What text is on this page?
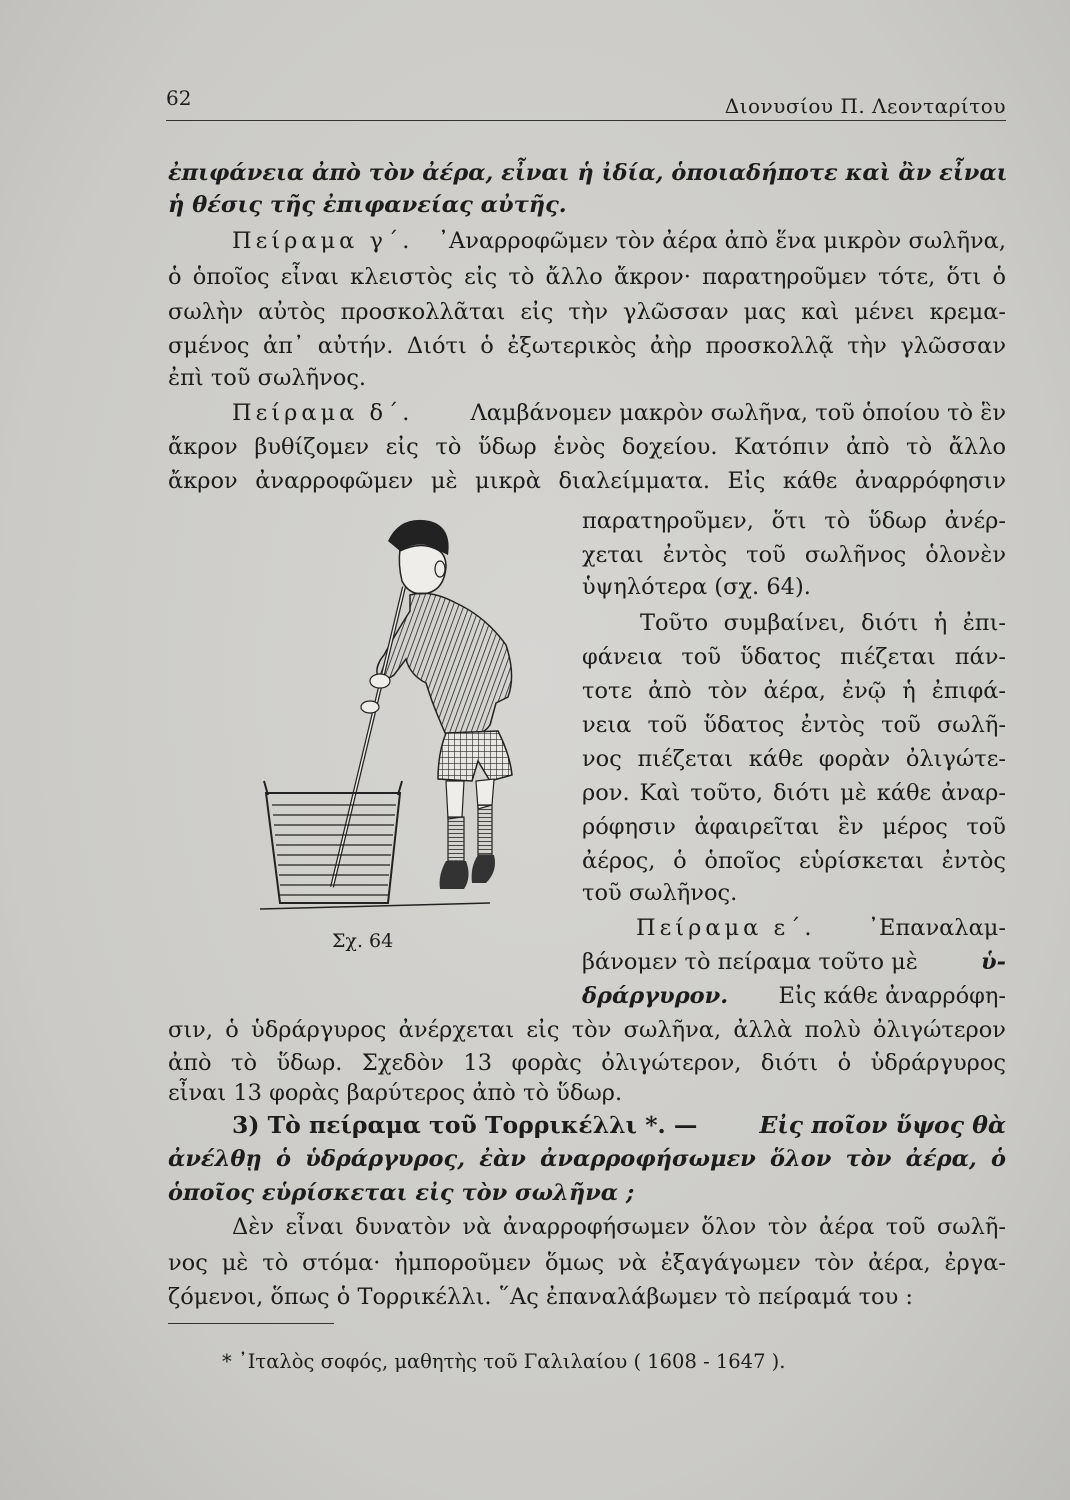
62	Διονυσίου Π. Λεονταρίτου
ἐπιφάνεια ἀπὸ τὸν ἀέρα, εἶναι ἡ ἰδία, ὁποιαδήποτε καὶ ἂν εἶναι
ἡ θέσις τῆς ἐπιφανείας αὐτῆς.
Πείραμα γ΄. ᾿Αναρροφῶμεν τὸν ἀέρα ἀπὸ ἕνα μικρὸν σωλῆνα,
ὁ ὁποῖος εἶναι κλειστὸς εἰς τὸ ἄλλο ἄκρον· παρατηροῦμεν τότε, ὅτι ὁ
σωλὴν αὐτὸς προσκολλᾶται εἰς τὴν γλῶσσαν μας καὶ μένει κρεμα-
σμένος ἀπ᾿ αὐτήν. Διότι ὁ ἐξωτερικὸς ἀὴρ προσκολλᾷ τὴν γλῶσσαν
ἐπὶ τοῦ σωλῆνος.
Πείραμα δ΄.	Λαμβάνομεν μακρὸν σωλῆνα, τοῦ ὁποίου τὸ ἓν
ἄκρον βυθίζομεν εἰς τὸ ὕδωρ ἑνὸς δοχείου. Κατόπιν ἀπὸ τὸ ἄλλο
ἄκρον ἀναρροφῶμεν μὲ μικρὰ διαλείμματα. Εἰς κάθε ἀναρρόφησιν
παρατηροῦμεν, ὅτι τὸ ὕδωρ ἀνέρ-
χεται ἐντὸς τοῦ σωλῆνος ὁλονὲν
ὑψηλότερα (σχ. 64).
Τοῦτο συμβαίνει, διότι ἡ ἐπι-
φάνεια τοῦ ὕδατος πιέζεται πάν-
τοτε ἀπὸ τὸν ἀέρα, ἐνῷ ἡ ἐπιφά-
νεια τοῦ ὕδατος ἐντὸς τοῦ σωλῆ-
νος πιέζεται κάθε φορὰν ὀλιγώτε-
ρον. Καὶ τοῦτο, διότι μὲ κάθε ἀναρ-
ρόφησιν ἀφαιρεῖται ἓν μέρος τοῦ
ἀέρος, ὁ ὁποῖος εὑρίσκεται ἐντὸς
τοῦ σωλῆνος.
Πείραμα ε΄. ᾿Επαναλαμ-
βάνομεν τὸ πείραμα τοῦτο μὲ	ὑ-
δράργυρον. Εἰς κάθε ἀναρρόφη-
σιν, ὁ ὑδράργυρος ἀνέρχεται εἰς τὸν σωλῆνα, ἀλλὰ πολὺ ὀλιγώτερον
ἀπὸ τὸ ὕδωρ. Σχεδὸν 13 φορὰς ὀλιγώτερον, διότι ὁ ὑδράργυρος
εἶναι 13 φορὰς βαρύτερος ἀπὸ τὸ ὕδωρ.
3) Τὸ πείραμα τοῦ Τορρικέλλι *. —	Εἰς ποῖον ὕψος θὰ
ἀνέλθῃ ὁ ὑδράργυρος, ἐὰν ἀναρροφήσωμεν ὅλον τὸν ἀέρα, ὁ
ὁποῖος εὑρίσκεται εἰς τὸν σωλῆνα ;
Δὲν εἶναι δυνατὸν νὰ ἀναρροφήσωμεν ὅλον τὸν ἀέρα τοῦ σωλῆ-
νος μὲ τὸ στόμα· ἠμποροῦμεν ὅμως νὰ ἐξαγάγωμεν τὸν ἀέρα, ἐργα-
ζόμενοι, ὅπως ὁ Τορρικέλλι. ῞Ας ἐπαναλάβωμεν τὸ πείραμά του :
Σχ. 64
* ᾿Ιταλὸς σοφός, μαθητὴς τοῦ Γαλιλαίου ( 1608 - 1647 ).
